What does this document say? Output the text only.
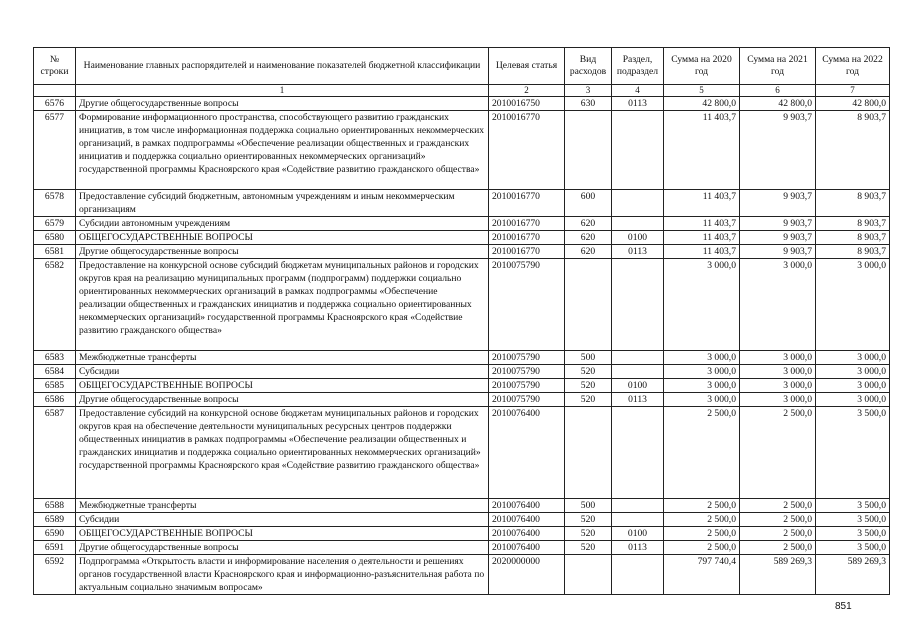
№ строки	Наименование главных распорядителей и наименование показателей бюджетной классификации	Целевая статья	Вид расходов	Раздел, подраздел	Сумма на 2020 год	Сумма на 2021 год	Сумма на 2022 год
	1	2	3	4	5	6	7
6576	Другие общегосударственные вопросы	2010016750	630	0113	42 800,0	42 800,0	42 800,0
6577	Формирование информационного пространства, способствующего развитию гражданских инициатив, в том числе информационная поддержка социально ориентированных некоммерческих организаций, в рамках подпрограммы «Обеспечение реализации общественных и гражданских инициатив и поддержка социально ориентированных некоммерческих организаций» государственной программы Красноярского края «Содействие развитию гражданского общества»	2010016770			11 403,7	9 903,7	8 903,7
6578	Предоставление субсидий бюджетным, автономным учреждениям и иным некоммерческим организациям	2010016770	600		11 403,7	9 903,7	8 903,7
6579	Субсидии автономным учреждениям	2010016770	620		11 403,7	9 903,7	8 903,7
6580	ОБЩЕГОСУДАРСТВЕННЫЕ ВОПРОСЫ	2010016770	620	0100	11 403,7	9 903,7	8 903,7
6581	Другие общегосударственные вопросы	2010016770	620	0113	11 403,7	9 903,7	8 903,7
6582	Предоставление на конкурсной основе субсидий бюджетам муниципальных районов и городских округов края на реализацию муниципальных программ (подпрограмм) поддержки социально ориентированных некоммерческих организаций в рамках подпрограммы «Обеспечение реализации общественных и гражданских инициатив и поддержка социально ориентированных некоммерческих организаций» государственной программы Красноярского края «Содействие развитию гражданского общества»	2010075790			3 000,0	3 000,0	3 000,0
6583	Межбюджетные трансферты	2010075790	500		3 000,0	3 000,0	3 000,0
6584	Субсидии	2010075790	520		3 000,0	3 000,0	3 000,0
6585	ОБЩЕГОСУДАРСТВЕННЫЕ ВОПРОСЫ	2010075790	520	0100	3 000,0	3 000,0	3 000,0
6586	Другие общегосударственные вопросы	2010075790	520	0113	3 000,0	3 000,0	3 000,0
6587	Предоставление субсидий на конкурсной основе бюджетам муниципальных районов и городских округов края на обеспечение деятельности муниципальных ресурсных центров поддержки общественных инициатив в рамках подпрограммы «Обеспечение реализации общественных и гражданских инициатив и поддержка социально ориентированных некоммерческих организаций» государственной программы Красноярского края «Содействие развитию гражданского общества»	2010076400			2 500,0	2 500,0	3 500,0
6588	Межбюджетные трансферты	2010076400	500		2 500,0	2 500,0	3 500,0
6589	Субсидии	2010076400	520		2 500,0	2 500,0	3 500,0
6590	ОБЩЕГОСУДАРСТВЕННЫЕ ВОПРОСЫ	2010076400	520	0100	2 500,0	2 500,0	3 500,0
6591	Другие общегосударственные вопросы	2010076400	520	0113	2 500,0	2 500,0	3 500,0
6592	Подпрограмма «Открытость власти и информирование населения о деятельности и решениях органов государственной власти Красноярского края и информационно-разъяснительная работа по актуальным социально значимым вопросам»	2020000000			797 740,4	589 269,3	589 269,3
851
